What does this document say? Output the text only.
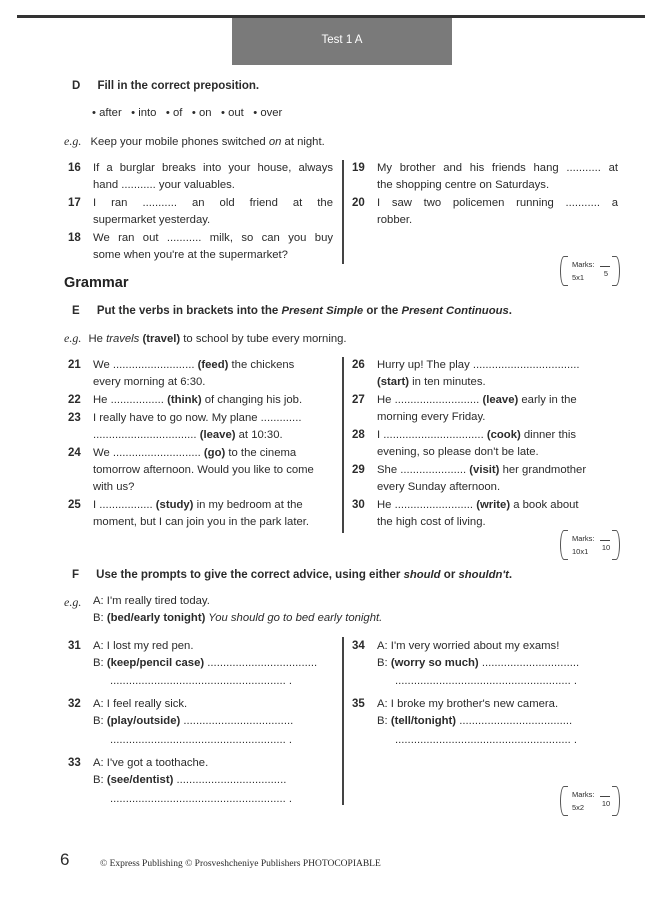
Test 1 A
D Fill in the correct preposition.
• after • into • of • on • out • over
e.g. Keep your mobile phones switched on at night.
16 If a burglar breaks into your house, always
hand ........... your valuables.
17 I ran ........... an old friend at the
supermarket yesterday.
18 We ran out ........... milk, so can you buy
some when you're at the supermarket?
19 My brother and his friends hang ........... at
the shopping centre on Saturdays.
20 I saw two policemen running ........... a
robber.
Marks:
5x1	5
Grammar
E Put the verbs in brackets into the Present Simple or the Present Continuous.
e.g. He travels (travel) to school by tube every morning.
21 We .......................... (feed) the chickens
every morning at 6:30.
22 He ................. (think) of changing his job.
23 I really have to go now. My plane .............
................................. (leave) at 10:30.
24 We ............................ (go) to the cinema
tomorrow afternoon. Would you like to come
with us?
25 I ................. (study) in my bedroom at the
moment, but I can join you in the park later.
26 Hurry up! The play ..................................
(start) in ten minutes.
27 He ........................... (leave) early in the
morning every Friday.
28 I ................................ (cook) dinner this
evening, so please don't be late.
29 She ..................... (visit) her grandmother
every Sunday afternoon.
30 He ......................... (write) a book about
the high cost of living.
Marks:
10x1	10
F Use the prompts to give the correct advice, using either should or shouldn't.
e.g. A: I'm really tired today.
B: (bed/early tonight) You should go to bed early tonight.
31 A: I lost my red pen.
B: (keep/pencil case) ...................................
........................................................ .
32 A: I feel really sick.
B: (play/outside) ...................................
........................................................ .
33 A: I've got a toothache.
B: (see/dentist) ...................................
........................................................ .
34 A: I'm very worried about my exams!
B: (worry so much) ...............................
........................................................ .
35 A: I broke my brother's new camera.
B: (tell/tonight) ....................................
........................................................ .
Marks:
5x2	10
6	© Express Publishing © Prosveshcheniye Publishers PHOTOCOPIABLE
